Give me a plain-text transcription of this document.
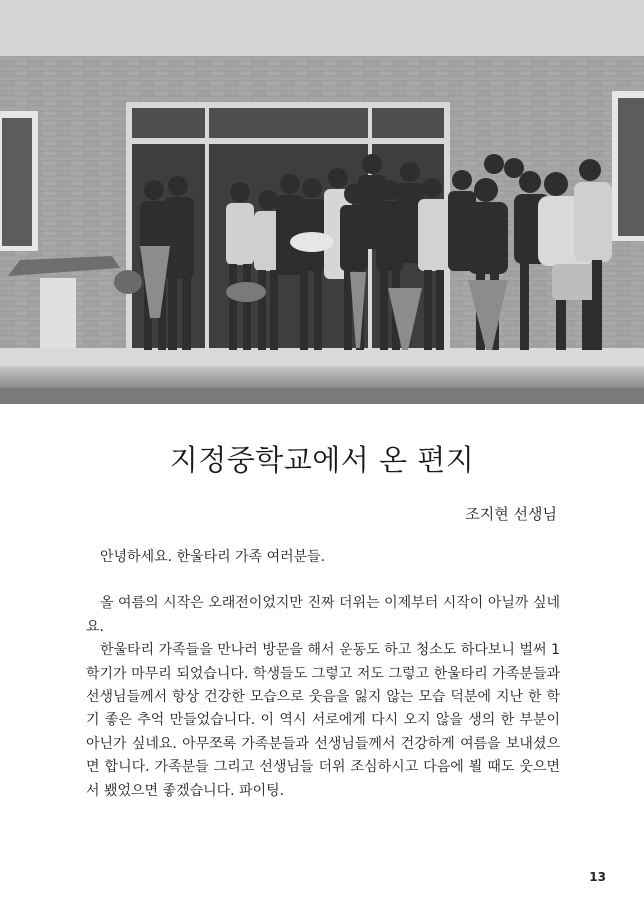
지정중학교에서 온 편지
조지현 선생님

안녕하세요. 한울타리 가족 여러분들.

올 여름의 시작은 오래전이었지만 진짜 더위는 이제부터 시작이 아닐까 싶네요.

한울타리 가족들을 만나러 방문을 해서 운동도 하고 청소도 하다보니 벌써 1학기가 마무리 되었습니다. 학생들도 그렇고 저도 그렇고 한울타리 가족분들과 선생님들께서 항상 건강한 모습으로 웃음을 잃지 않는 모습 덕분에 지난 한 학기 좋은 추억 만들었습니다. 이 역시 서로에게 다시 오지 않을 생의 한 부분이 아닌가 싶네요. 아무쪼록 가족분들과 선생님들께서 건강하게 여름을 보내셨으면 합니다. 가족분들 그리고 선생님들 더위 조심하시고 다음에 뵐 때도 웃으면서 뵀었으면 좋겠습니다. 파이팅.

13
